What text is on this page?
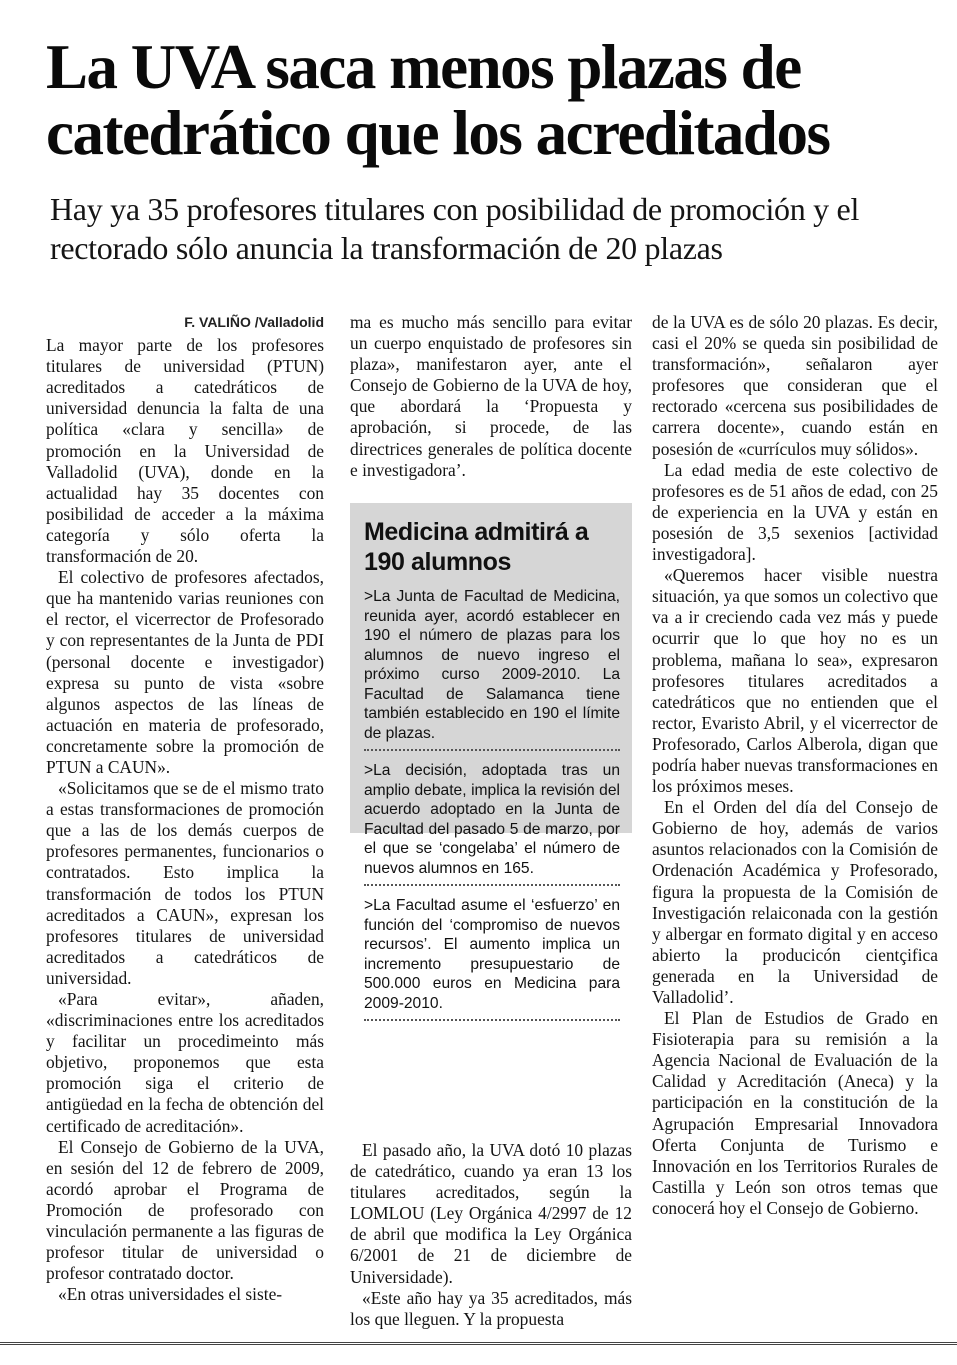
La UVA saca menos plazas de catedrático que los acreditados
Hay ya 35 profesores titulares con posibilidad de promoción y el rectorado sólo anuncia la transformación de 20 plazas
F. VALIÑO /Valladolid

La mayor parte de los profesores titulares de universidad (PTUN) acreditados a catedráticos de universidad denuncia la falta de una política «clara y sencilla» de promoción en la Universidad de Valladolid (UVA), donde en la actualidad hay 35 docentes con posibilidad de acceder a la máxima categoría y sólo oferta la transformación de 20.

El colectivo de profesores afectados, que ha mantenido varias reuniones con el rector, el vicerrector de Profesorado y con representantes de la Junta de PDI (personal docente e investigador) expresa su punto de vista «sobre algunos aspectos de las líneas de actuación en materia de profesorado, concretamente sobre la promoción de PTUN a CAUN».

«Solicitamos que se de el mismo trato a estas transformaciones de promoción que a las de los demás cuerpos de profesores permanentes, funcionarios o contratados. Esto implica la transformación de todos los PTUN acreditados a CAUN», expresan los profesores titulares de universidad acreditados a catedráticos de universidad.

«Para evitar», añaden, «discriminaciones entre los acreditados y facilitar un procedimeinto más objetivo, proponemos que esta promoción siga el criterio de antigüedad en la fecha de obtención del certificado de acreditación».

El Consejo de Gobierno de la UVA, en sesión del 12 de febrero de 2009, acordó aprobar el Programa de Promoción de profesorado con vinculación permanente a las figuras de profesor titular de universidad o profesor contratado doctor.

«En otras universidades el siste-

ma es mucho más sencillo para evitar un cuerpo enquistado de profesores sin plaza», manifestaron ayer, ante el Consejo de Gobierno de la UVA de hoy, que abordará la ‘Propuesta y aprobación, si procede, de las directrices generales de política docente e investigadora’.

Medicina admitirá a 190 alumnos
>La Junta de Facultad de Medicina, reunida ayer, acordó establecer en 190 el número de plazas para los alumnos de nuevo ingreso el próximo curso 2009-2010. La Facultad de Salamanca tiene también establecido en 190 el límite de plazas.
>La decisión, adoptada tras un amplio debate, implica la revisión del acuerdo adoptado en la Junta de Facultad del pasado 5 de marzo, por el que se ‘congelaba’ el número de nuevos alumnos en 165.
>La Facultad asume el ‘esfuerzo’ en función del ‘compromiso de nuevos recursos’. El aumento implica un incremento presupuestario de 500.000 euros en Medicina para 2009-2010.

El pasado año, la UVA dotó 10 plazas de catedrático, cuando ya eran 13 los titulares acreditados, según la LOMLOU (Ley Orgánica 4/2997 de 12 de abril que modifica la Ley Orgánica 6/2001 de 21 de diciembre de Universidade).

«Este año hay ya 35 acreditados, más los que lleguen. Y la propuesta

de la UVA es de sólo 20 plazas. Es decir, casi el 20% se queda sin posibilidad de transformación», señalaron ayer profesores que consideran que el rectorado «cercena sus posibilidades de carrera docente», cuando están en posesión de «currículos muy sólidos».

La edad media de este colectivo de profesores es de 51 años de edad, con 25 de experiencia en la UVA y están en posesión de 3,5 sexenios [actividad investigadora].

«Queremos hacer visible nuestra situación, ya que somos un colectivo que va a ir creciendo cada vez más y puede ocurrir que lo que hoy no es un problema, mañana lo sea», expresaron profesores titulares acreditados a catedráticos que no entienden que el rector, Evaristo Abril, y el vicerrector de Profesorado, Carlos Alberola, digan que podría haber nuevas transformaciones en los próximos meses.

En el Orden del día del Consejo de Gobierno de hoy, además de varios asuntos relacionados con la Comisión de Ordenación Académica y Profesorado, figura la propuesta de la Comisión de Investigación relaiconada con la gestión y albergar en formato digital y en acceso abierto la producicón cientçifica generada en la Universidad de Valladolid’.

El Plan de Estudios de Grado en Fisioterapia para su remisión a la Agencia Nacional de Evaluación de la Calidad y Acreditación (Aneca) y la participación en la constitución de la Agrupación Empresarial Innovadora Oferta Conjunta de Turismo e Innovación en los Territorios Rurales de Castilla y León son otros temas que conocerá hoy el Consejo de Gobierno.
